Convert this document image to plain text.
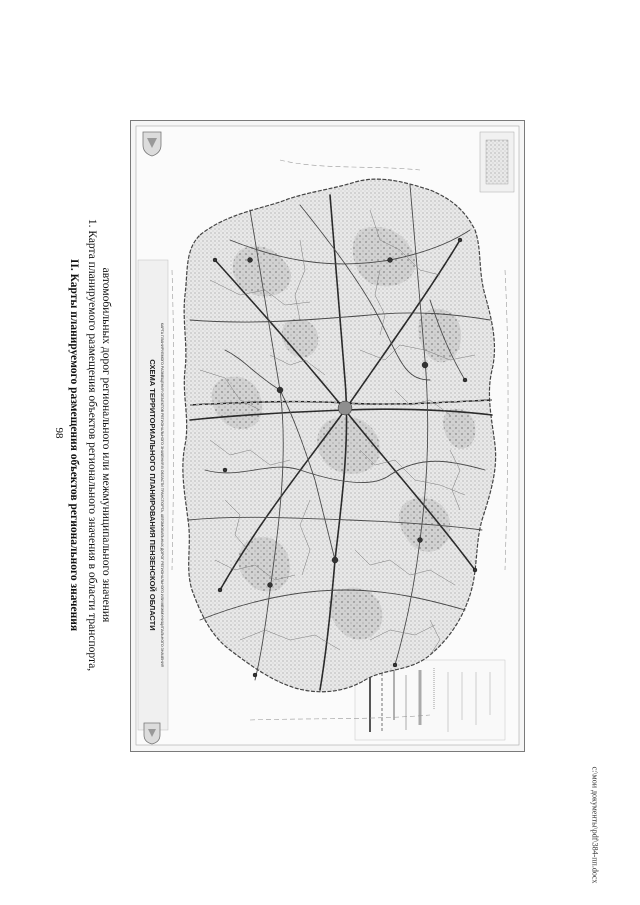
98 II. Карты планируемого размещения объектов регионального значения 1. Карта планируемого размещения объектов регионального значения в области транспорта, автомобильных дорог регионального или межмуниципального значения	СХЕМА ТЕРРИТОРИАЛЬНОГО ПЛАНИРОВАНИЯ ПЕНЗЕНСКОЙ ОБЛАСТИ КАРТА ПЛАНИРУЕМОГО РАЗМЕЩЕНИЯ ОБЪЕКТОВ РЕГИОНАЛЬНОГО ЗНАЧЕНИЯ В ОБЛАСТИ ТРАНСПОРТА, АВТОМОБИЛЬНЫХ ДОРОГ РЕГИОНАЛЬНОГО ИЛИ МЕЖМУНИЦИПАЛЬНОГО ЗНАЧЕНИЯ
c:\мои документы\pdf\384-пп.docx
